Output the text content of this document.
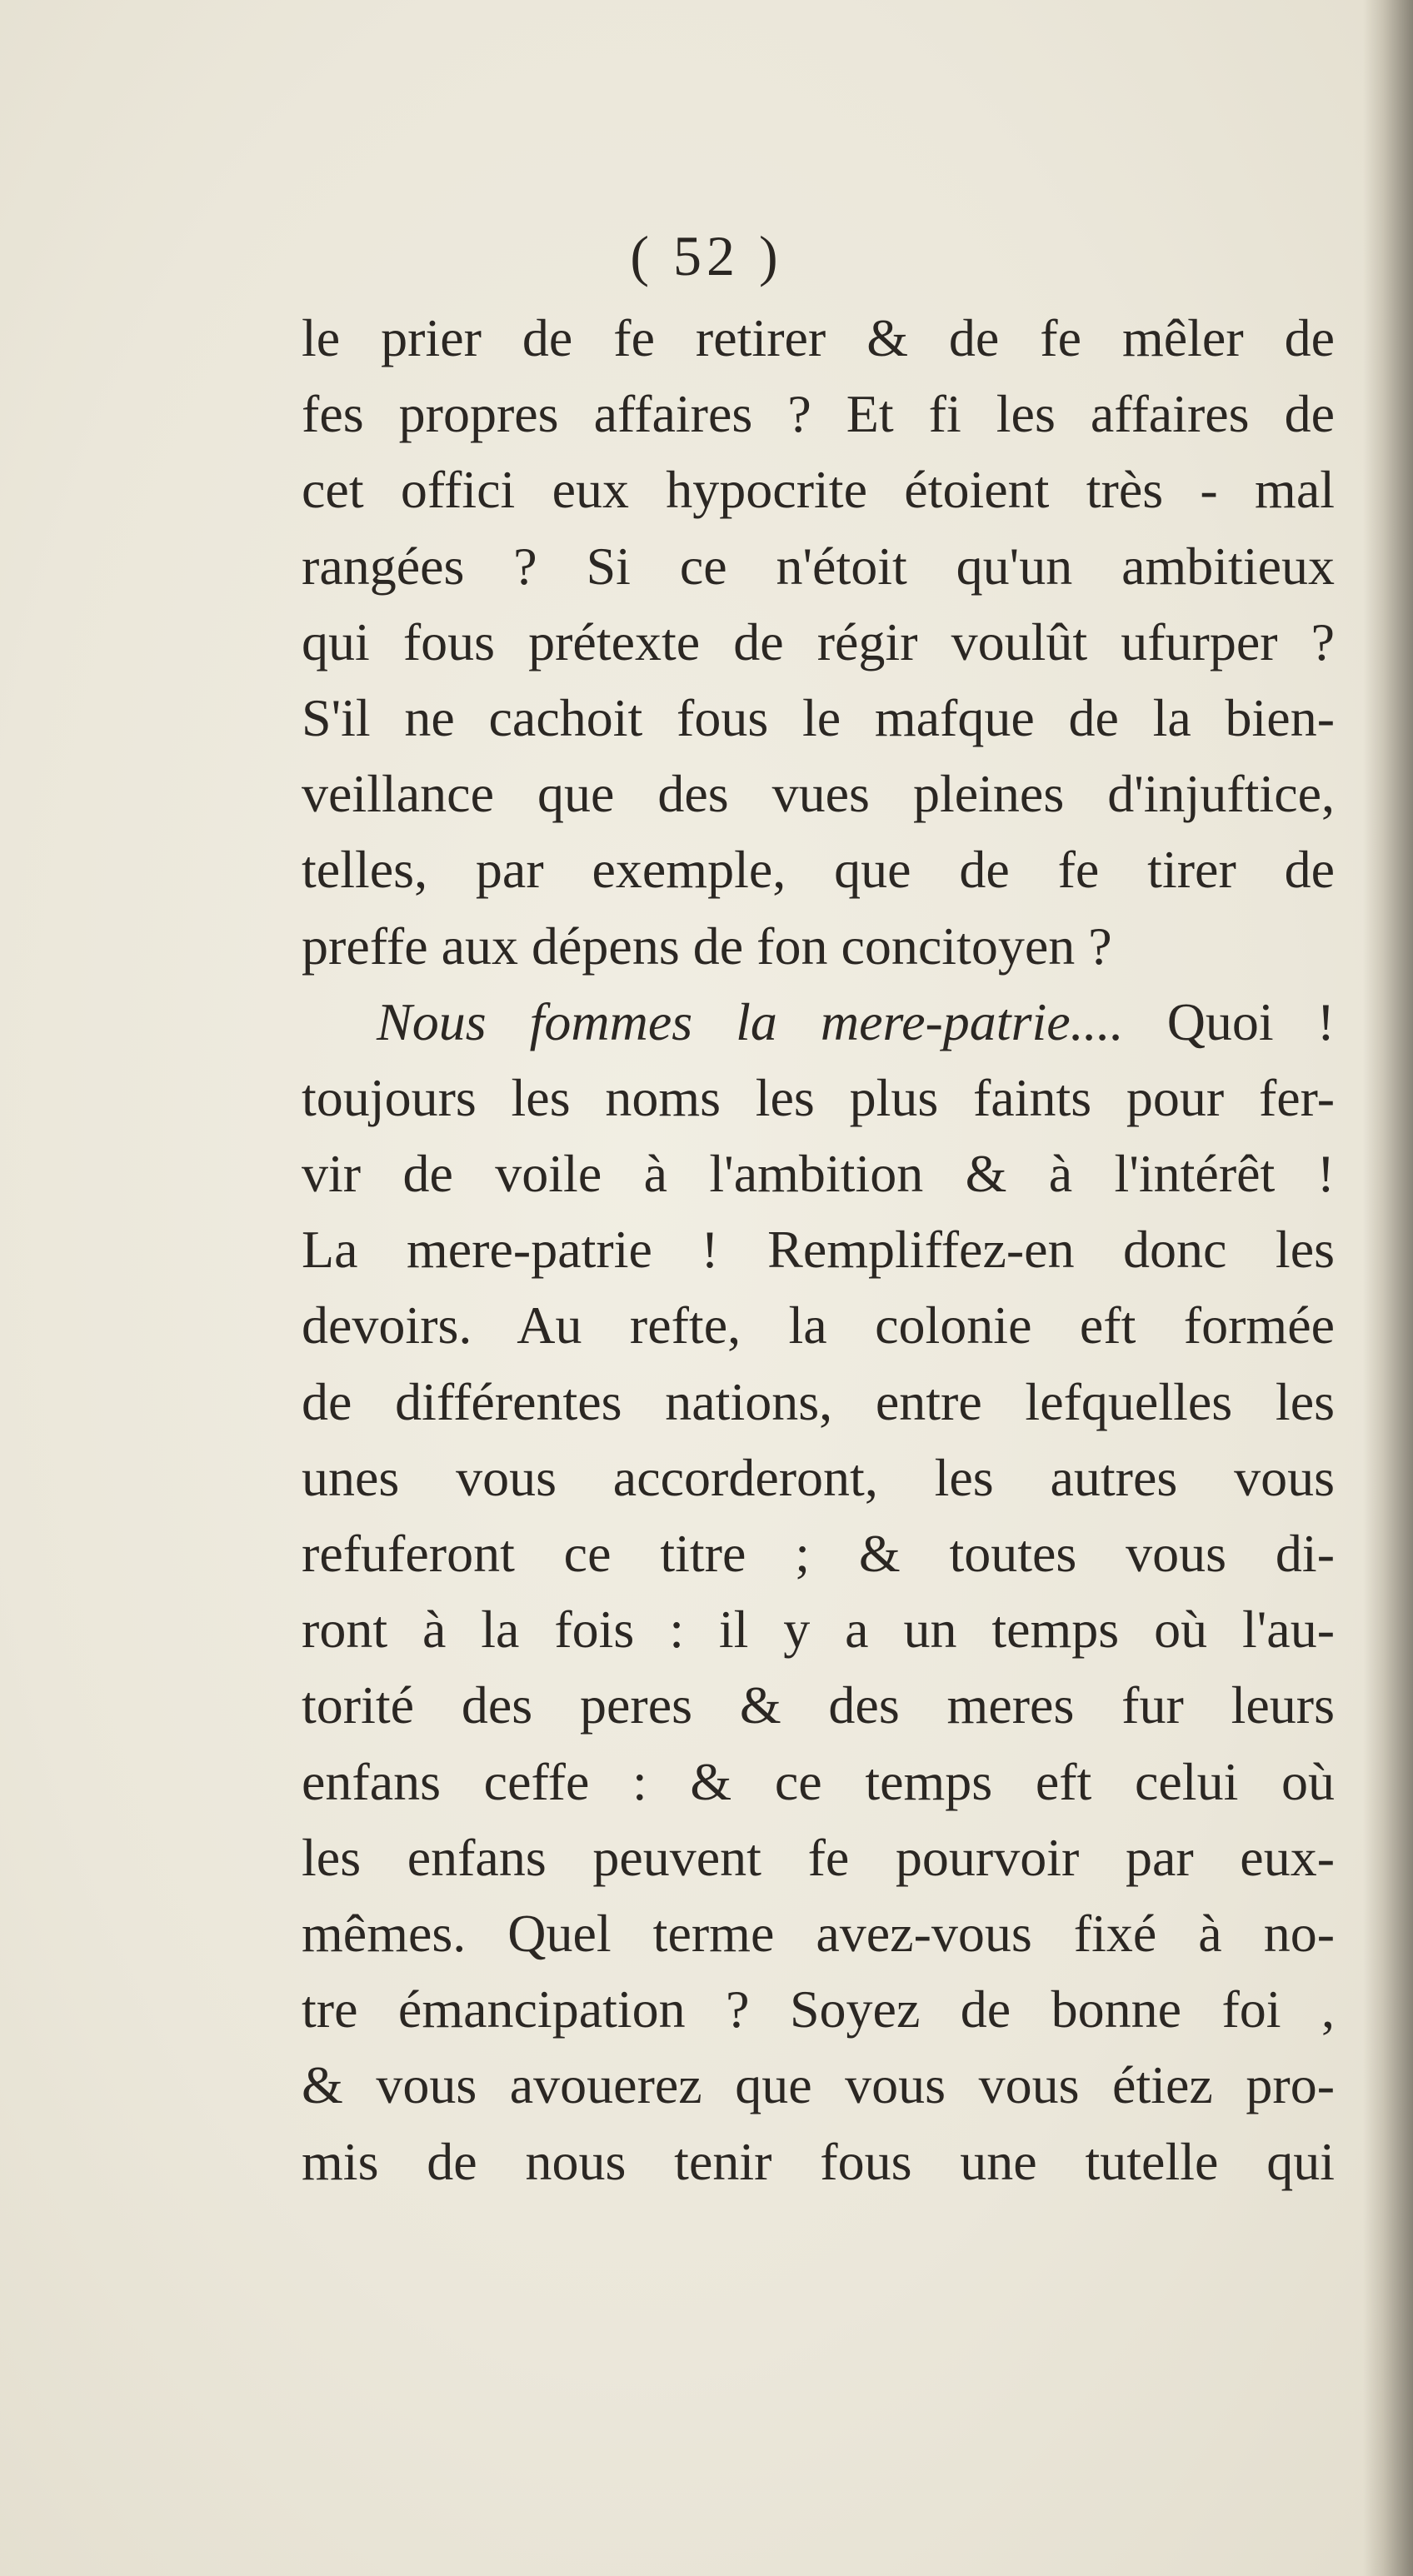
( 52 )
le prier de fe retirer & de fe mêler de
fes propres affaires ? Et fi les affaires de
cet offici eux hypocrite étoient très - mal
rangées ? Si ce n'étoit qu'un ambitieux
qui fous prétexte de régir voulût ufurper ?
S'il ne cachoit fous le mafque de la bien-
veillance que des vues pleines d'injuftice,
telles, par exemple, que de fe tirer de
preffe aux dépens de fon concitoyen ?
Nous fommes la mere-patrie.... Quoi !
toujours les noms les plus faints pour fer-
vir de voile à l'ambition & à l'intérêt !
La mere-patrie ! Rempliffez-en donc les
devoirs. Au refte, la colonie eft formée
de différentes nations, entre lefquelles les
unes vous accorderont, les autres vous
refuferont ce titre ; & toutes vous di-
ront à la fois : il y a un temps où l'au-
torité des peres & des meres fur leurs
enfans ceffe : & ce temps eft celui où
les enfans peuvent fe pourvoir par eux-
mêmes. Quel terme avez-vous fixé à no-
tre émancipation ? Soyez de bonne foi ,
& vous avouerez que vous vous étiez pro-
mis de nous tenir fous une tutelle qui
